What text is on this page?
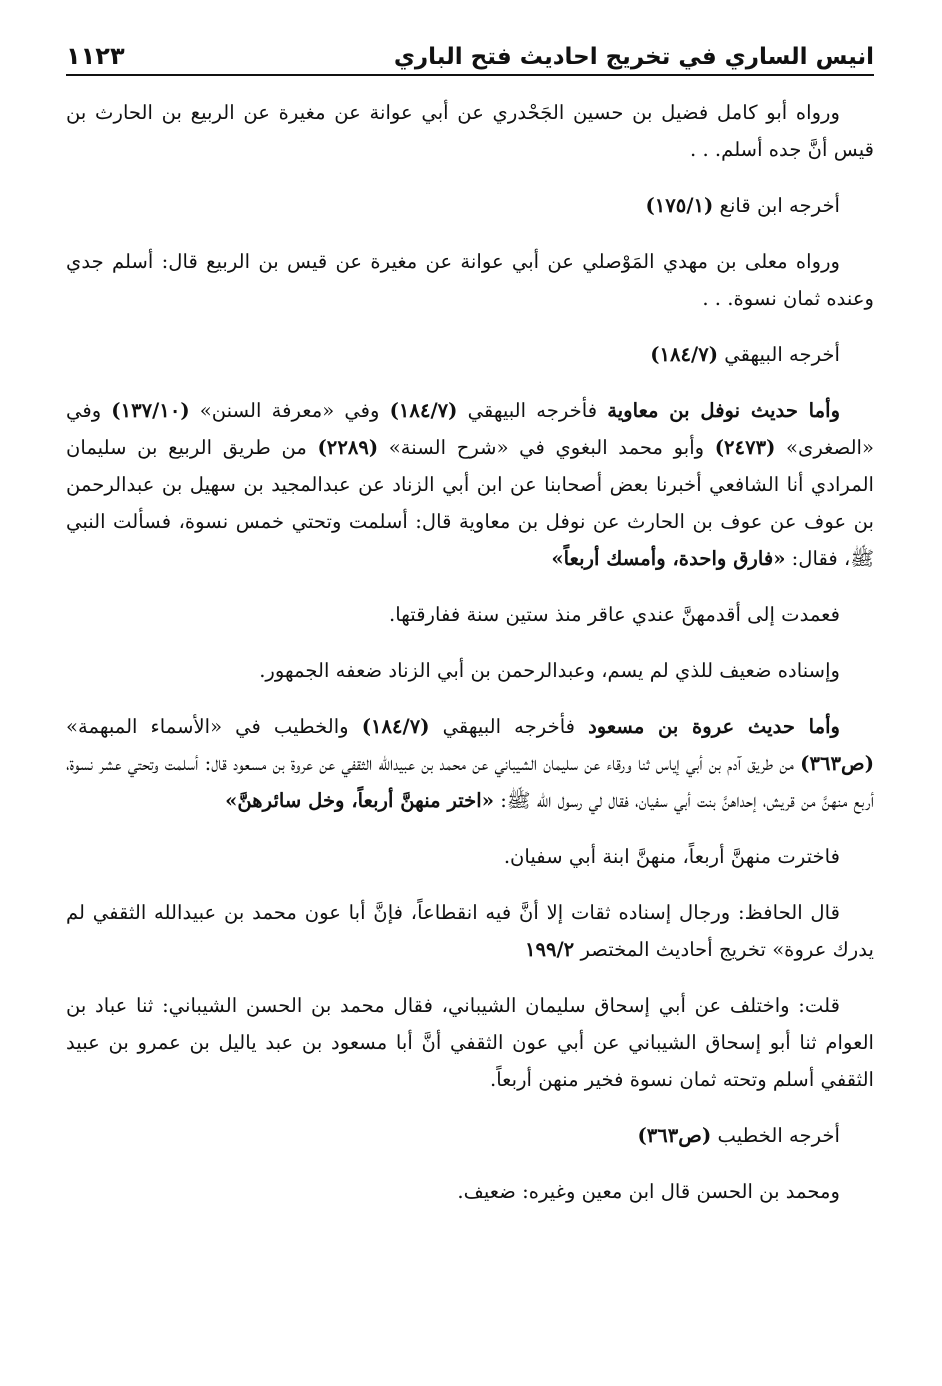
انيس الساري في تخريج احاديث فتح الباري
١١٢٣

ورواه أبو كامل فضيل بن حسين الجَحْدري عن أبي عوانة عن مغيرة عن الربيع بن الحارث بن قيس أنَّ جده أسلم. . .

أخرجه ابن قانع (١٧٥/١)

ورواه معلى بن مهدي المَوْصلي عن أبي عوانة عن مغيرة عن قيس بن الربيع قال: أسلم جدي وعنده ثمان نسوة. . .

أخرجه البيهقي (١٨٤/٧)

وأما حديث نوفل بن معاوية فأخرجه البيهقي (١٨٤/٧) وفي «معرفة السنن» (١٣٧/١٠) وفي «الصغرى» (٢٤٧٣) وأبو محمد البغوي في «شرح السنة» (٢٢٨٩) من طريق الربيع بن سليمان المرادي أنا الشافعي أخبرنا بعض أصحابنا عن ابن أبي الزناد عن عبدالمجيد بن سهيل بن عبدالرحمن بن عوف عن عوف بن الحارث عن نوفل بن معاوية قال: أسلمت وتحتي خمس نسوة، فسألت النبي ﷺ، فقال: «فارق واحدة، وأمسك أربعاً»

فعمدت إلى أقدمهنَّ عندي عاقر منذ ستين سنة ففارقتها.

وإسناده ضعيف للذي لم يسم، وعبدالرحمن بن أبي الزناد ضعفه الجمهور.

وأما حديث عروة بن مسعود فأخرجه البيهقي (١٨٤/٧) والخطيب في «الأسماء المبهمة» (ص٣٦٣) من طريق آدم بن أبي إياس ثنا ورقاء عن سليمان الشيباني عن محمد بن عبيدالله الثقفي عن عروة بن مسعود قال: أسلمت وتحتي عشر نسوة، أربع منهنَّ من قريش، إحداهنَّ بنت أبي سفيان، فقال لي رسول الله ﷺ: «اختر منهنَّ أربعاً، وخل سائرهنَّ»

فاخترت منهنَّ أربعاً، منهنَّ ابنة أبي سفيان.

قال الحافظ: ورجال إسناده ثقات إلا أنَّ فيه انقطاعاً، فإنَّ أبا عون محمد بن عبيدالله الثقفي لم يدرك عروة» تخريج أحاديث المختصر ١٩٩/٢

قلت: واختلف عن أبي إسحاق سليمان الشيباني، فقال محمد بن الحسن الشيباني: ثنا عباد بن العوام ثنا أبو إسحاق الشيباني عن أبي عون الثقفي أنَّ أبا مسعود بن عبد ياليل بن عمرو بن عبيد الثقفي أسلم وتحته ثمان نسوة فخير منهن أربعاً.

أخرجه الخطيب (ص٣٦٣)

ومحمد بن الحسن قال ابن معين وغيره: ضعيف.
